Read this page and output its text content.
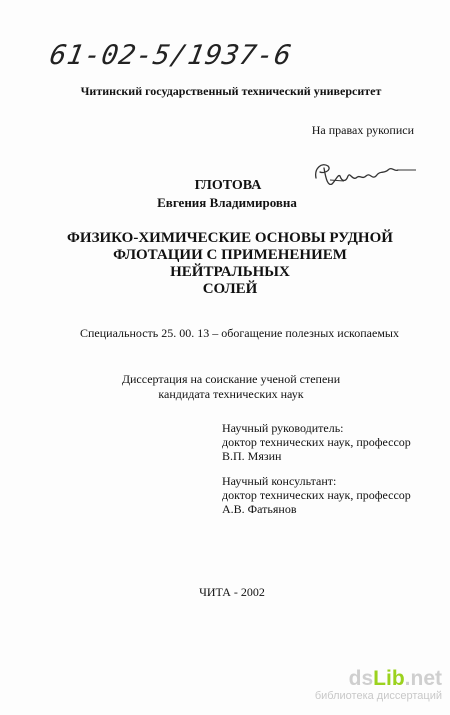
61-02-5/1937-6
Читинский государственный технический университет
На правах рукописи
ГЛОТОВА
Евгения Владимировна
ФИЗИКО-ХИМИЧЕСКИЕ ОСНОВЫ РУДНОЙ
ФЛОТАЦИИ С ПРИМЕНЕНИЕМ НЕЙТРАЛЬНЫХ
СОЛЕЙ
Специальность 25. 00. 13 – обогащение полезных ископаемых
Диссертация на соискание ученой степени
кандидата технических наук
Научный руководитель:
доктор технических наук, профессор
В.П. Мязин
Научный консультант:
доктор технических наук, профессор
А.В. Фатьянов
ЧИТА - 2002
dsLib.net
библиотека диссертаций
